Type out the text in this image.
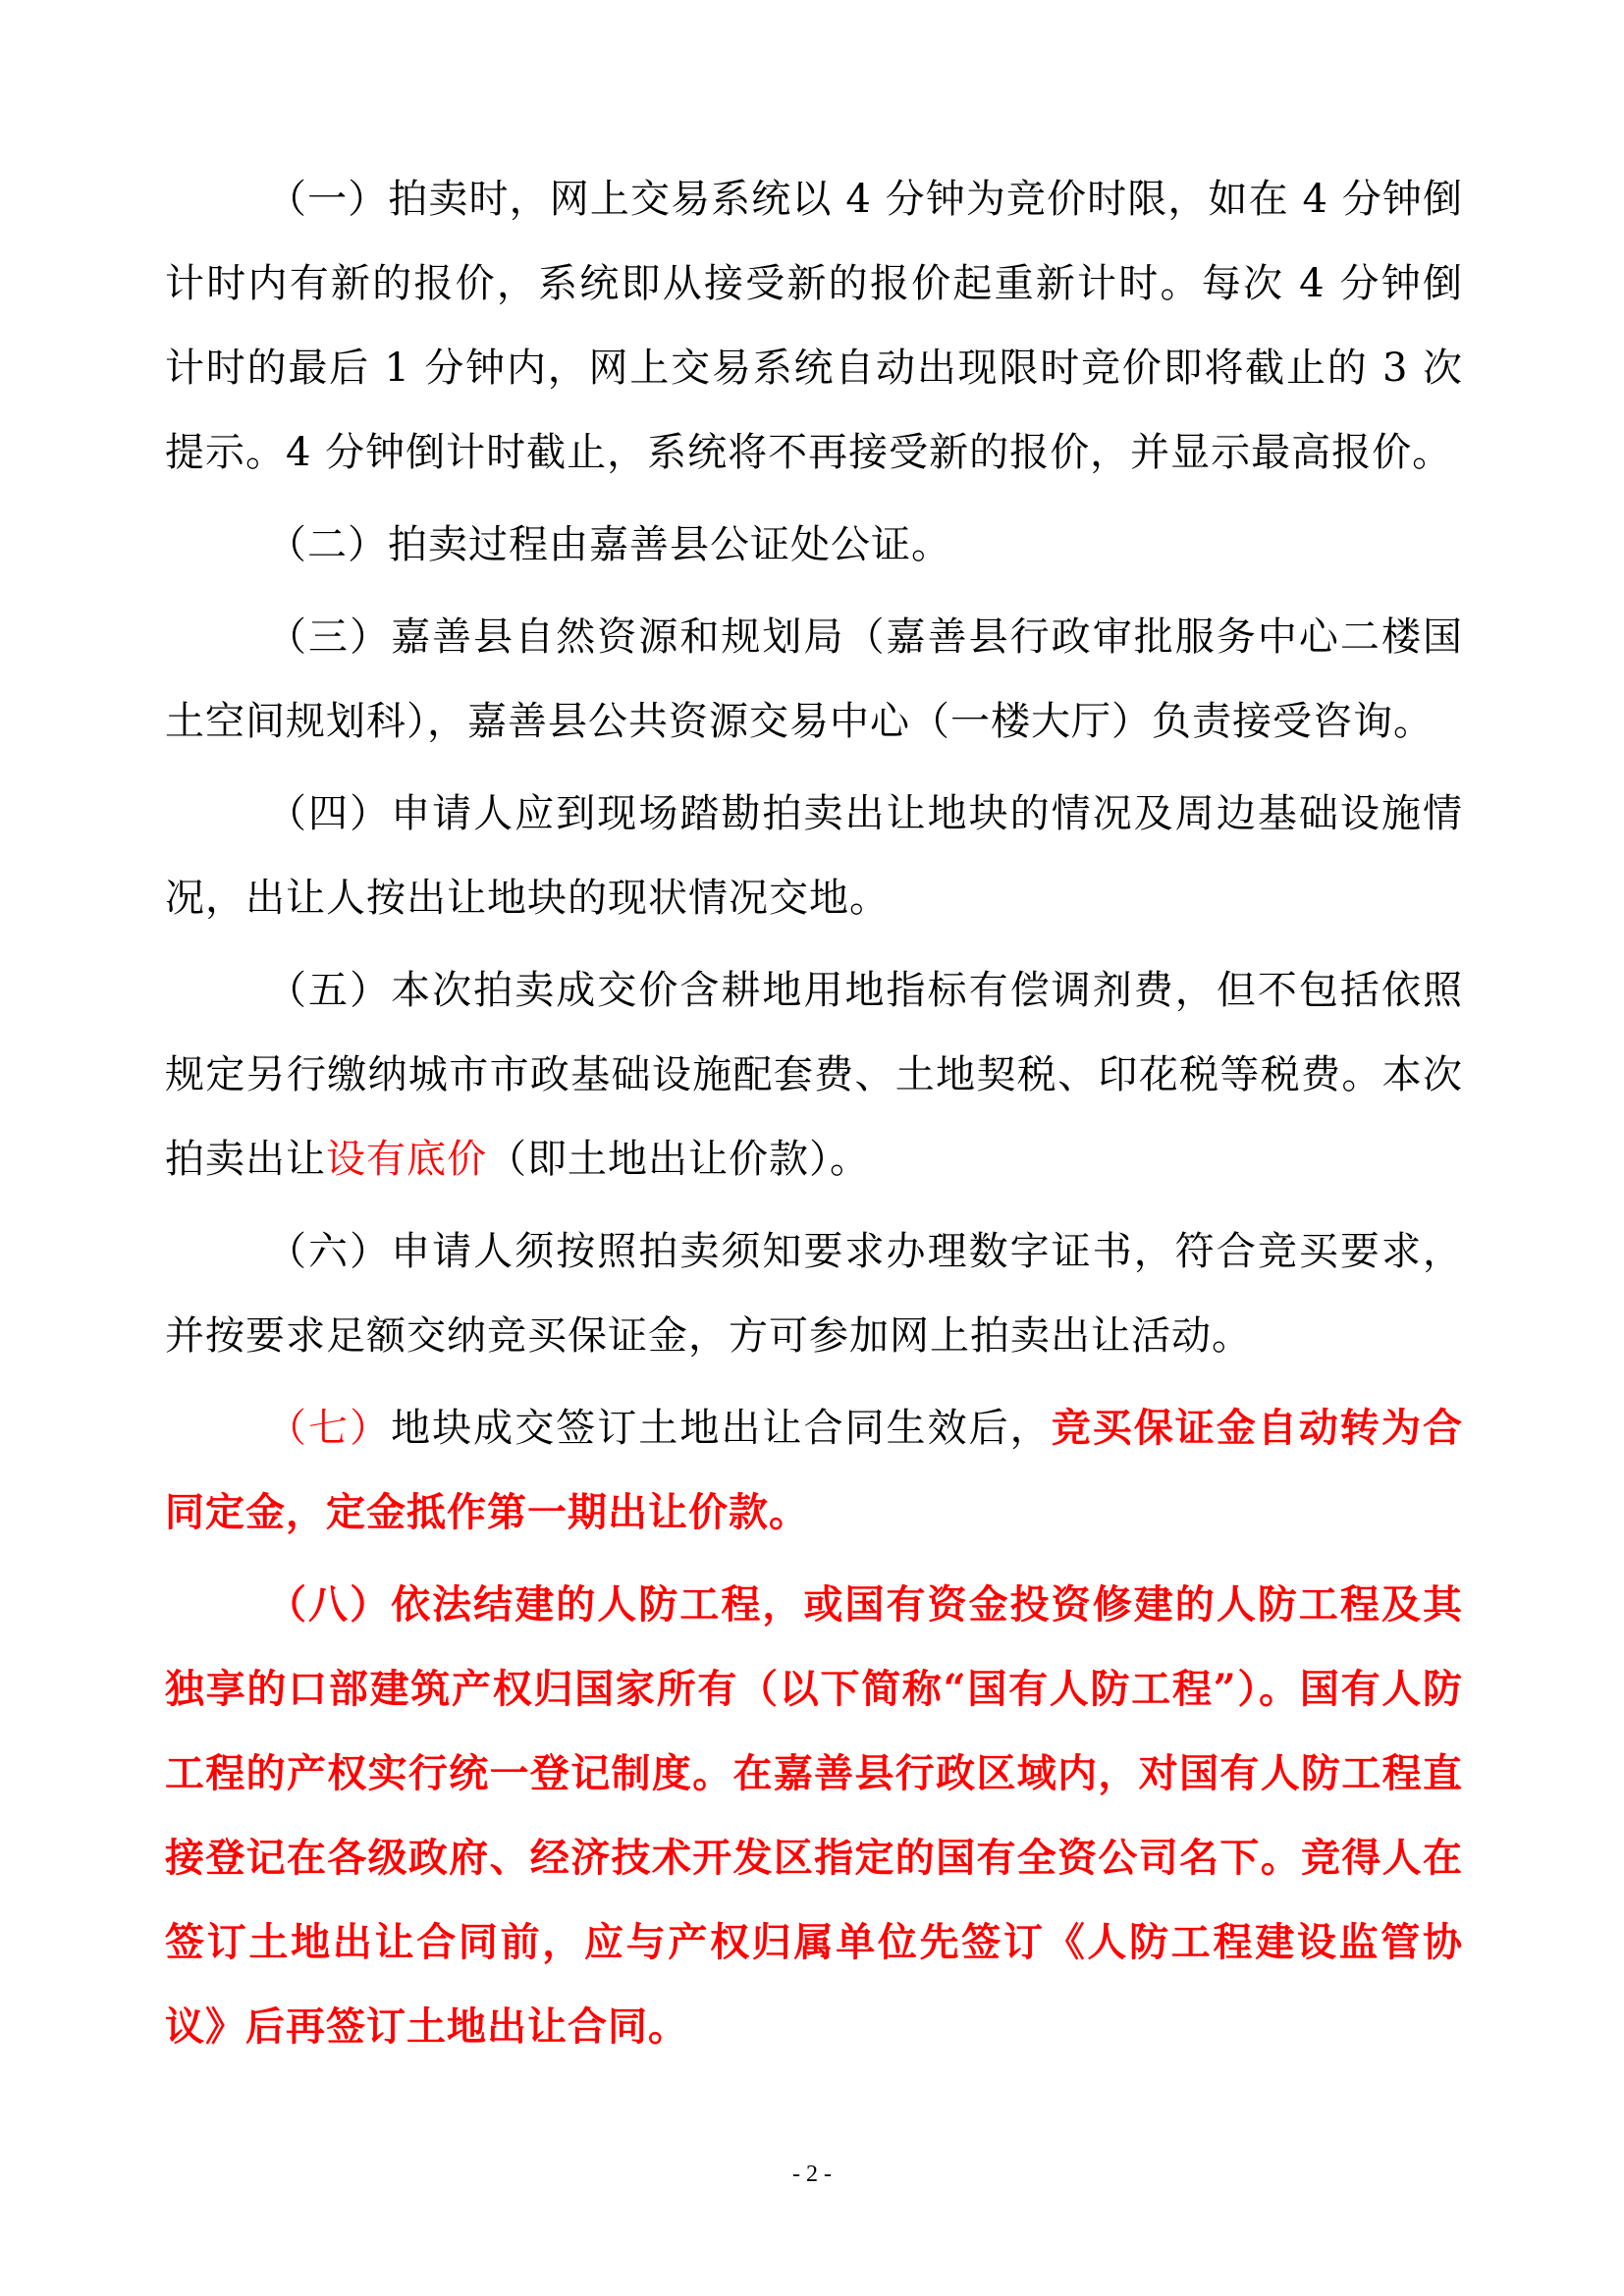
（一）拍卖时，网上交易系统以 4 分钟为竞价时限，如在 4 分钟倒计时内有新的报价，系统即从接受新的报价起重新计时。每次 4 分钟倒计时的最后 1 分钟内，网上交易系统自动出现限时竞价即将截止的 3 次提示。4 分钟倒计时截止，系统将不再接受新的报价，并显示最高报价。

（二）拍卖过程由嘉善县公证处公证。

（三）嘉善县自然资源和规划局（嘉善县行政审批服务中心二楼国土空间规划科），嘉善县公共资源交易中心（一楼大厅）负责接受咨询。

（四）申请人应到现场踏勘拍卖出让地块的情况及周边基础设施情况，出让人按出让地块的现状情况交地。

（五）本次拍卖成交价含耕地用地指标有偿调剂费，但不包括依照规定另行缴纳城市市政基础设施配套费、土地契税、印花税等税费。本次拍卖出让设有底价（即土地出让价款）。

（六）申请人须按照拍卖须知要求办理数字证书，符合竞买要求，并按要求足额交纳竞买保证金，方可参加网上拍卖出让活动。

（七）地块成交签订土地出让合同生效后，竞买保证金自动转为合同定金，定金抵作第一期出让价款。

（八）依法结建的人防工程，或国有资金投资修建的人防工程及其独享的口部建筑产权归国家所有（以下简称“国有人防工程”）。国有人防工程的产权实行统一登记制度。在嘉善县行政区域内，对国有人防工程直接登记在各级政府、经济技术开发区指定的国有全资公司名下。竞得人在签订土地出让合同前，应与产权归属单位先签订《人防工程建设监管协议》后再签订土地出让合同。

- 2 -
